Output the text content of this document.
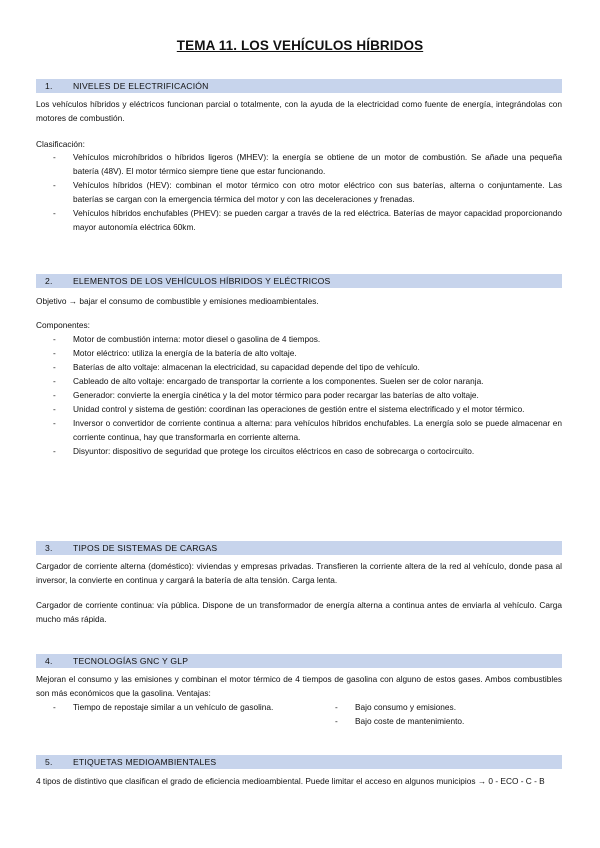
TEMA 11. LOS VEHÍCULOS HÍBRIDOS
1. NIVELES DE ELECTRIFICACIÓN
Los vehículos híbridos y eléctricos funcionan parcial o totalmente, con la ayuda de la electricidad como fuente de energía, integrándolas con motores de combustión.
Clasificación:
- Vehículos microhíbridos o híbridos ligeros (MHEV): la energía se obtiene de un motor de combustión. Se añade una pequeña batería (48V). El motor térmico siempre tiene que estar funcionando.
- Vehículos híbridos (HEV): combinan el motor térmico con otro motor eléctrico con sus baterías, alterna o conjuntamente. Las baterías se cargan con la emergencia térmica del motor y con las deceleraciones y frenadas.
- Vehículos híbridos enchufables (PHEV): se pueden cargar a través de la red eléctrica. Baterías de mayor capacidad proporcionando mayor autonomía eléctrica 60km.
2. ELEMENTOS DE LOS VEHÍCULOS HÍBRIDOS Y ELÉCTRICOS
Objetivo → bajar el consumo de combustible y emisiones medioambientales.
Componentes:
- Motor de combustión interna: motor diesel o gasolina de 4 tiempos.
- Motor eléctrico: utiliza la energía de la batería de alto voltaje.
- Baterías de alto voltaje: almacenan la electricidad, su capacidad depende del tipo de vehículo.
- Cableado de alto voltaje: encargado de transportar la corriente a los componentes. Suelen ser de color naranja.
- Generador: convierte la energía cinética y la del motor térmico para poder recargar las baterías de alto voltaje.
- Unidad control y sistema de gestión: coordinan las operaciones de gestión entre el sistema electrificado y el motor térmico.
- Inversor o convertidor de corriente continua a alterna: para vehículos híbridos enchufables. La energía solo se puede almacenar en corriente continua, hay que transformarla en corriente alterna.
- Disyuntor: dispositivo de seguridad que protege los circuitos eléctricos en caso de sobrecarga o cortocircuito.
3. TIPOS DE SISTEMAS DE CARGAS
Cargador de corriente alterna (doméstico): viviendas y empresas privadas. Transfieren la corriente altera de la red al vehículo, donde pasa al inversor, la convierte en continua y cargará la batería de alta tensión. Carga lenta.
Cargador de corriente continua: vía pública. Dispone de un transformador de energía alterna a continua antes de enviarla al vehículo. Carga mucho más rápida.
4. TECNOLOGÍAS GNC Y GLP
Mejoran el consumo y las emisiones y combinan el motor térmico de 4 tiempos de gasolina con alguno de estos gases. Ambos combustibles son más económicos que la gasolina. Ventajas:
- Tiempo de repostaje similar a un vehículo de gasolina.	- Bajo consumo y emisiones.
- Bajo coste de mantenimiento.
5. ETIQUETAS MEDIOAMBIENTALES
4 tipos de distintivo que clasifican el grado de eficiencia medioambiental. Puede limitar el acceso en algunos municipios → 0 - ECO - C - B
